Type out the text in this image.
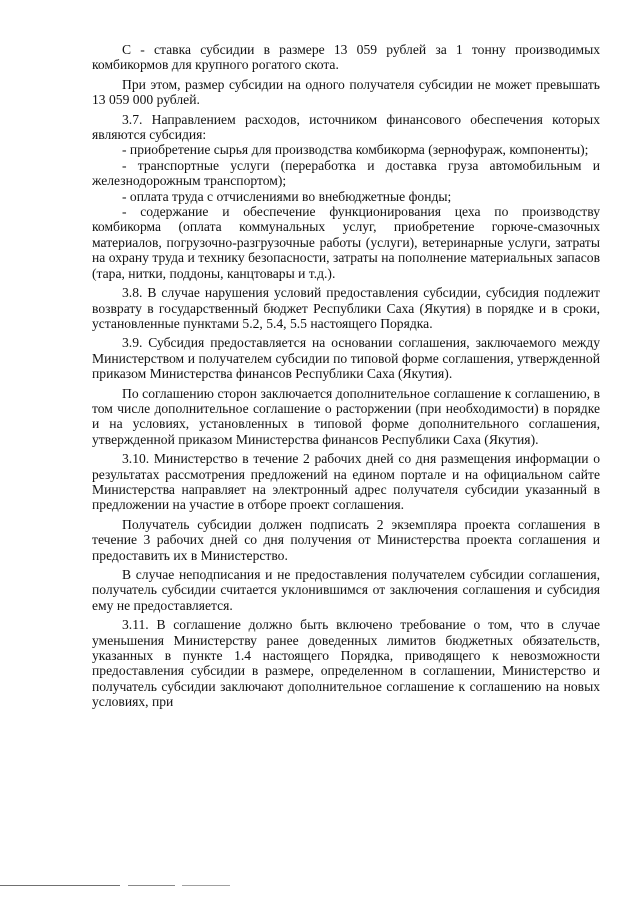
С - ставка субсидии в размере 13 059 рублей за 1 тонну производимых комбикормов для крупного рогатого скота.

При этом, размер субсидии на одного получателя субсидии не может превышать 13 059 000 рублей.

3.7. Направлением расходов, источником финансового обеспечения которых являются субсидия:

- приобретение сырья для производства комбикорма (зернофураж, компоненты);

- транспортные услуги (переработка и доставка груза автомобильным и железнодорожным транспортом);

- оплата труда с отчислениями во внебюджетные фонды;

- содержание и обеспечение функционирования цеха по производству комбикорма (оплата коммунальных услуг, приобретение горюче-смазочных материалов, погрузочно-разгрузочные работы (услуги), ветеринарные услуги, затраты на охрану труда и технику безопасности, затраты на пополнение материальных запасов (тара, нитки, поддоны, канцтовары и т.д.).

3.8. В случае нарушения условий предоставления субсидии, субсидия подлежит возврату в государственный бюджет Республики Саха (Якутия) в порядке и в сроки, установленные пунктами 5.2, 5.4, 5.5 настоящего Порядка.

3.9. Субсидия предоставляется на основании соглашения, заключаемого между Министерством и получателем субсидии по типовой форме соглашения, утвержденной приказом Министерства финансов Республики Саха (Якутия).

По соглашению сторон заключается дополнительное соглашение к соглашению, в том числе дополнительное соглашение о расторжении (при необходимости) в порядке и на условиях, установленных в типовой форме дополнительного соглашения, утвержденной приказом Министерства финансов Республики Саха (Якутия).

3.10. Министерство в течение 2 рабочих дней со дня размещения информации о результатах рассмотрения предложений на едином портале и на официальном сайте Министерства направляет на электронный адрес получателя субсидии указанный в предложении на участие в отборе проект соглашения.

Получатель субсидии должен подписать 2 экземпляра проекта соглашения в течение 3 рабочих дней со дня получения от Министерства проекта соглашения и предоставить их в Министерство.

В случае неподписания и не предоставления получателем субсидии соглашения, получатель субсидии считается уклонившимся от заключения соглашения и субсидия ему не предоставляется.

3.11. В соглашение должно быть включено требование о том, что в случае уменьшения Министерству ранее доведенных лимитов бюджетных обязательств, указанных в пункте 1.4 настоящего Порядка, приводящего к невозможности предоставления субсидии в размере, определенном в соглашении, Министерство и получатель субсидии заключают дополнительное соглашение к соглашению на новых условиях, при
